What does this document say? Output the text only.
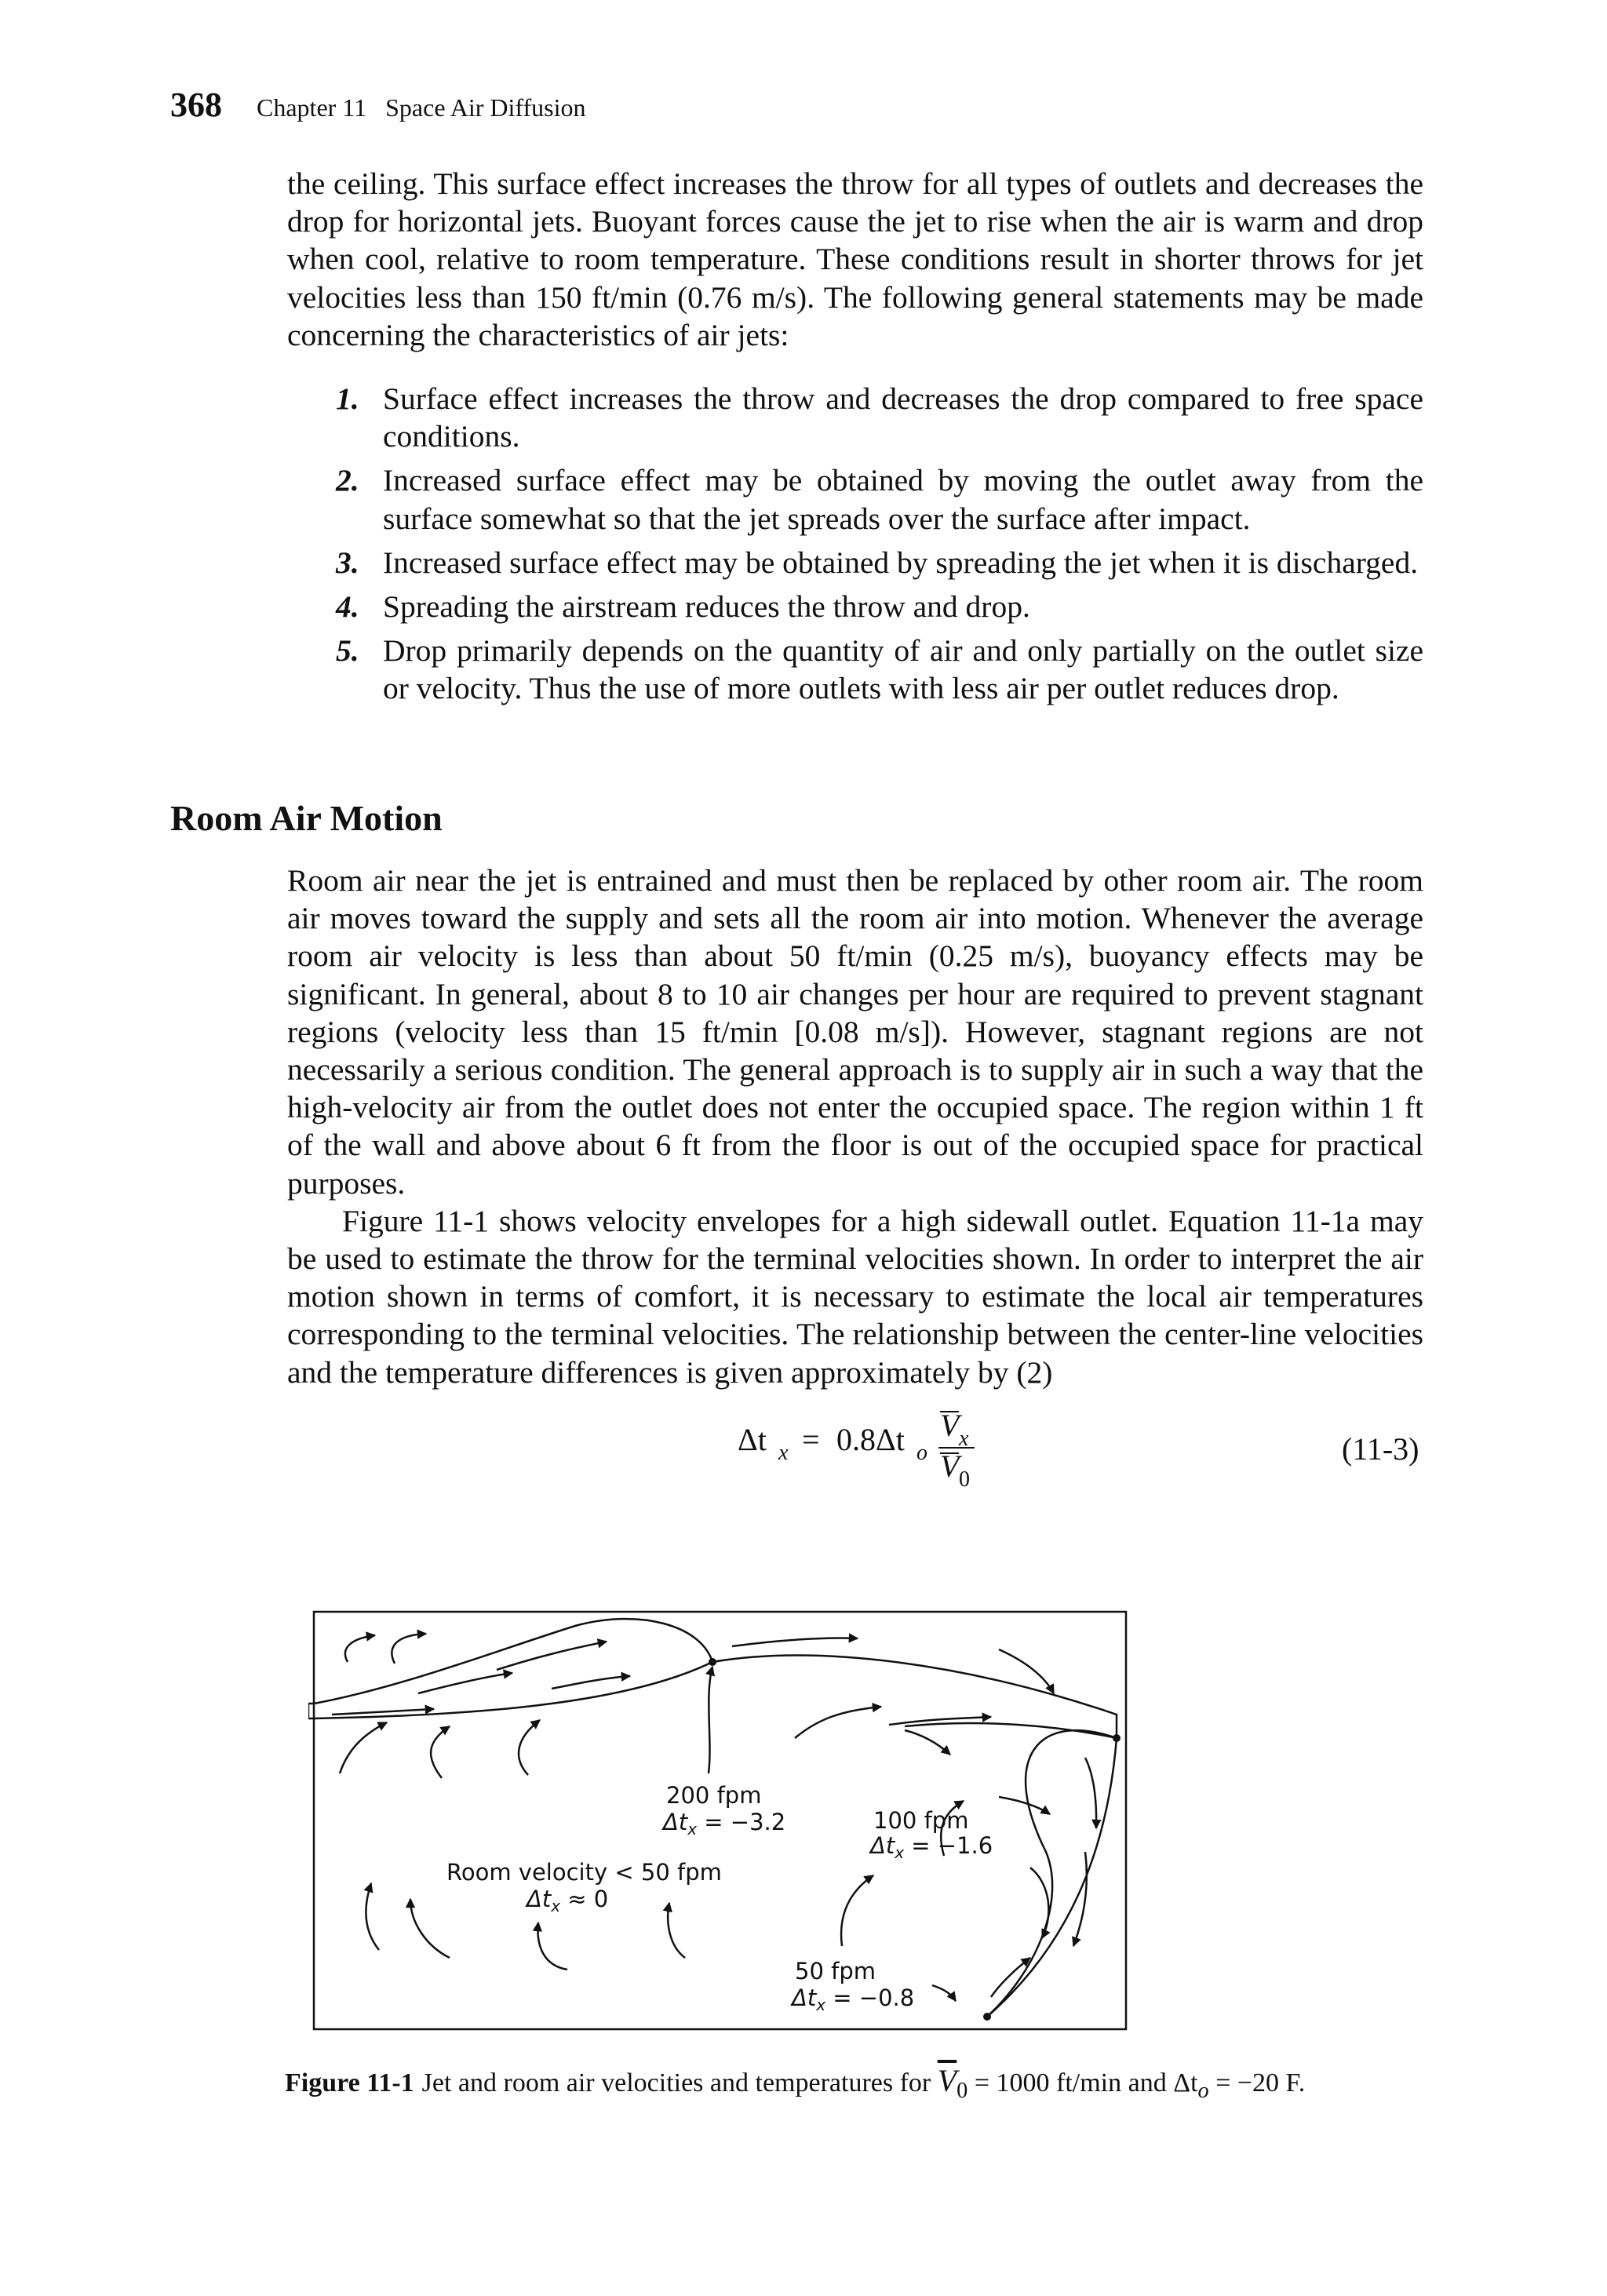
368 Chapter 11 Space Air Diffusion

the ceiling. This surface effect increases the throw for all types of outlets and decreases the drop for horizontal jets. Buoyant forces cause the jet to rise when the air is warm and drop when cool, relative to room temperature. These conditions result in shorter throws for jet velocities less than 150 ft/min (0.76 m/s). The following general statements may be made concerning the characteristics of air jets:

1. Surface effect increases the throw and decreases the drop compared to free space conditions.
2. Increased surface effect may be obtained by moving the outlet away from the surface somewhat so that the jet spreads over the surface after impact.
3. Increased surface effect may be obtained by spreading the jet when it is discharged.
4. Spreading the airstream reduces the throw and drop.
5. Drop primarily depends on the quantity of air and only partially on the outlet size or velocity. Thus the use of more outlets with less air per outlet reduces drop.
Room Air Motion

Room air near the jet is entrained and must then be replaced by other room air. The room air moves toward the supply and sets all the room air into motion. Whenever the average room air velocity is less than about 50 ft/min (0.25 m/s), buoyancy effects may be significant. In general, about 8 to 10 air changes per hour are required to prevent stagnant regions (velocity less than 15 ft/min [0.08 m/s]). However, stagnant regions are not necessarily a serious condition. The general approach is to supply air in such a way that the high-velocity air from the outlet does not enter the occupied space. The region within 1 ft of the wall and above about 6 ft from the floor is out of the occupied space for practical purposes.

Figure 11-1 shows velocity envelopes for a high sidewall outlet. Equation 11-1a may be used to estimate the throw for the terminal velocities shown. In order to interpret the air motion shown in terms of comfort, it is necessary to estimate the local air temperatures corresponding to the terminal velocities. The relationship between the center-line velocities and the temperature differences is given approximately by (2)

Δt x = 0.8Δt o
V x
V 0
(11-3)
200 fpm
$\Delta t_x = -3.2$	100 fpm
$\Delta t_x = -1.6$
Room velocity < 50 fpm
$\Delta t_x \approx 0$
50 fpm
$\Delta t_x = -0.8$
Figure 11-1 Jet and room air velocities and temperatures for $\overline{V}_0 = 1000$ ft/min and $\Delta t_o = -20$ F.
